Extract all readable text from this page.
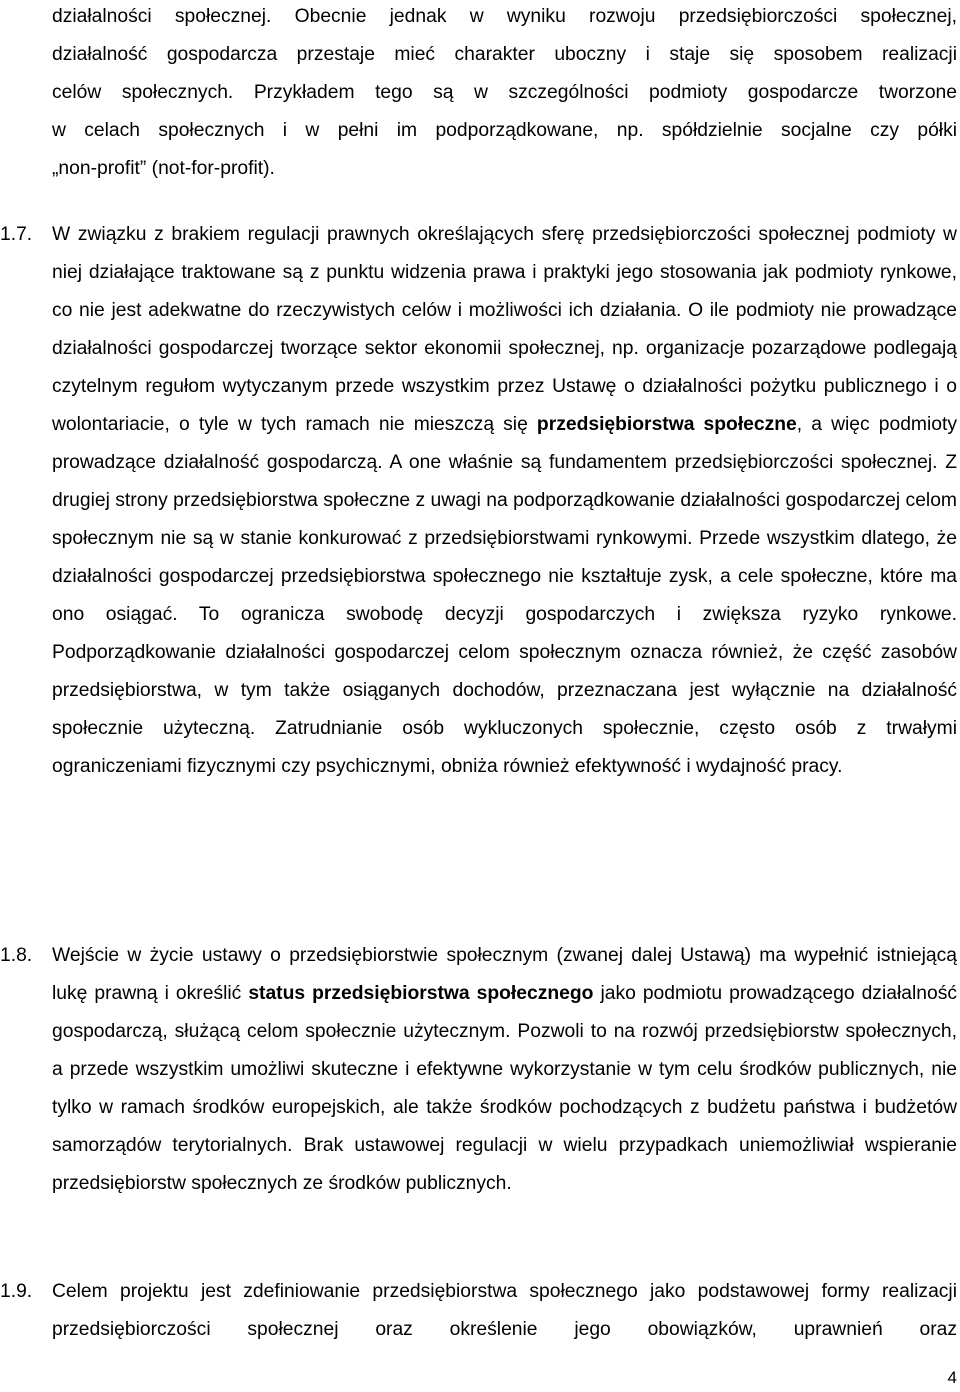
działalności społecznej. Obecnie jednak w wyniku rozwoju przedsiębiorczości społecznej,
działalność gospodarcza przestaje mieć charakter uboczny i staje się sposobem realizacji
celów społecznych. Przykładem tego są w szczególności podmioty gospodarcze tworzone
w celach społecznych i w pełni im podporządkowane, np. spółdzielnie socjalne czy półki
„non-profit” (not-for-profit).
1.7.	W związku z brakiem regulacji prawnych określających sferę przedsiębiorczości społecznej podmioty w niej działające traktowane są z punktu widzenia prawa i praktyki jego stosowania jak podmioty rynkowe, co nie jest adekwatne do rzeczywistych celów i możliwości ich działania. O ile podmioty nie prowadzące działalności gospodarczej tworzące sektor ekonomii społecznej, np. organizacje pozarządowe podlegają czytelnym regułom wytyczanym przede wszystkim przez Ustawę o działalności pożytku publicznego i o wolontariacie, o tyle w tych ramach nie mieszczą się przedsiębiorstwa społeczne, a więc podmioty prowadzące działalność gospodarczą. A one właśnie są fundamentem przedsiębiorczości społecznej. Z drugiej strony przedsiębiorstwa społeczne z uwagi na podporządkowanie działalności gospodarczej celom społecznym nie są w stanie konkurować z przedsiębiorstwami rynkowymi. Przede wszystkim dlatego, że działalności gospodarczej przedsiębiorstwa społecznego nie kształtuje zysk, a cele społeczne, które ma ono osiągać. To ogranicza swobodę decyzji gospodarczych i zwiększa ryzyko rynkowe. Podporządkowanie działalności gospodarczej celom społecznym oznacza również, że część zasobów przedsiębiorstwa, w tym także osiąganych dochodów, przeznaczana jest wyłącznie na działalność społecznie użyteczną. Zatrudnianie osób wykluczonych społecznie, często osób z trwałymi ograniczeniami fizycznymi czy psychicznymi, obniża również efektywność i wydajność pracy.

1.8.	Wejście w życie ustawy o przedsiębiorstwie społecznym (zwanej dalej Ustawą) ma wypełnić istniejącą lukę prawną i określić status przedsiębiorstwa społecznego jako podmiotu prowadzącego działalność gospodarczą, służącą celom społecznie użytecznym. Pozwoli to na rozwój przedsiębiorstw społecznych, a przede wszystkim umożliwi skuteczne i efektywne wykorzystanie w tym celu środków publicznych, nie tylko w ramach środków europejskich, ale także środków pochodzących z budżetu państwa i budżetów samorządów terytorialnych. Brak ustawowej regulacji w wielu przypadkach uniemożliwiał wspieranie przedsiębiorstw społecznych ze środków publicznych.

1.9.	Celem projektu jest zdefiniowanie przedsiębiorstwa społecznego jako podstawowej formy realizacji przedsiębiorczości społecznej oraz określenie jego obowiązków, uprawnień oraz

4
